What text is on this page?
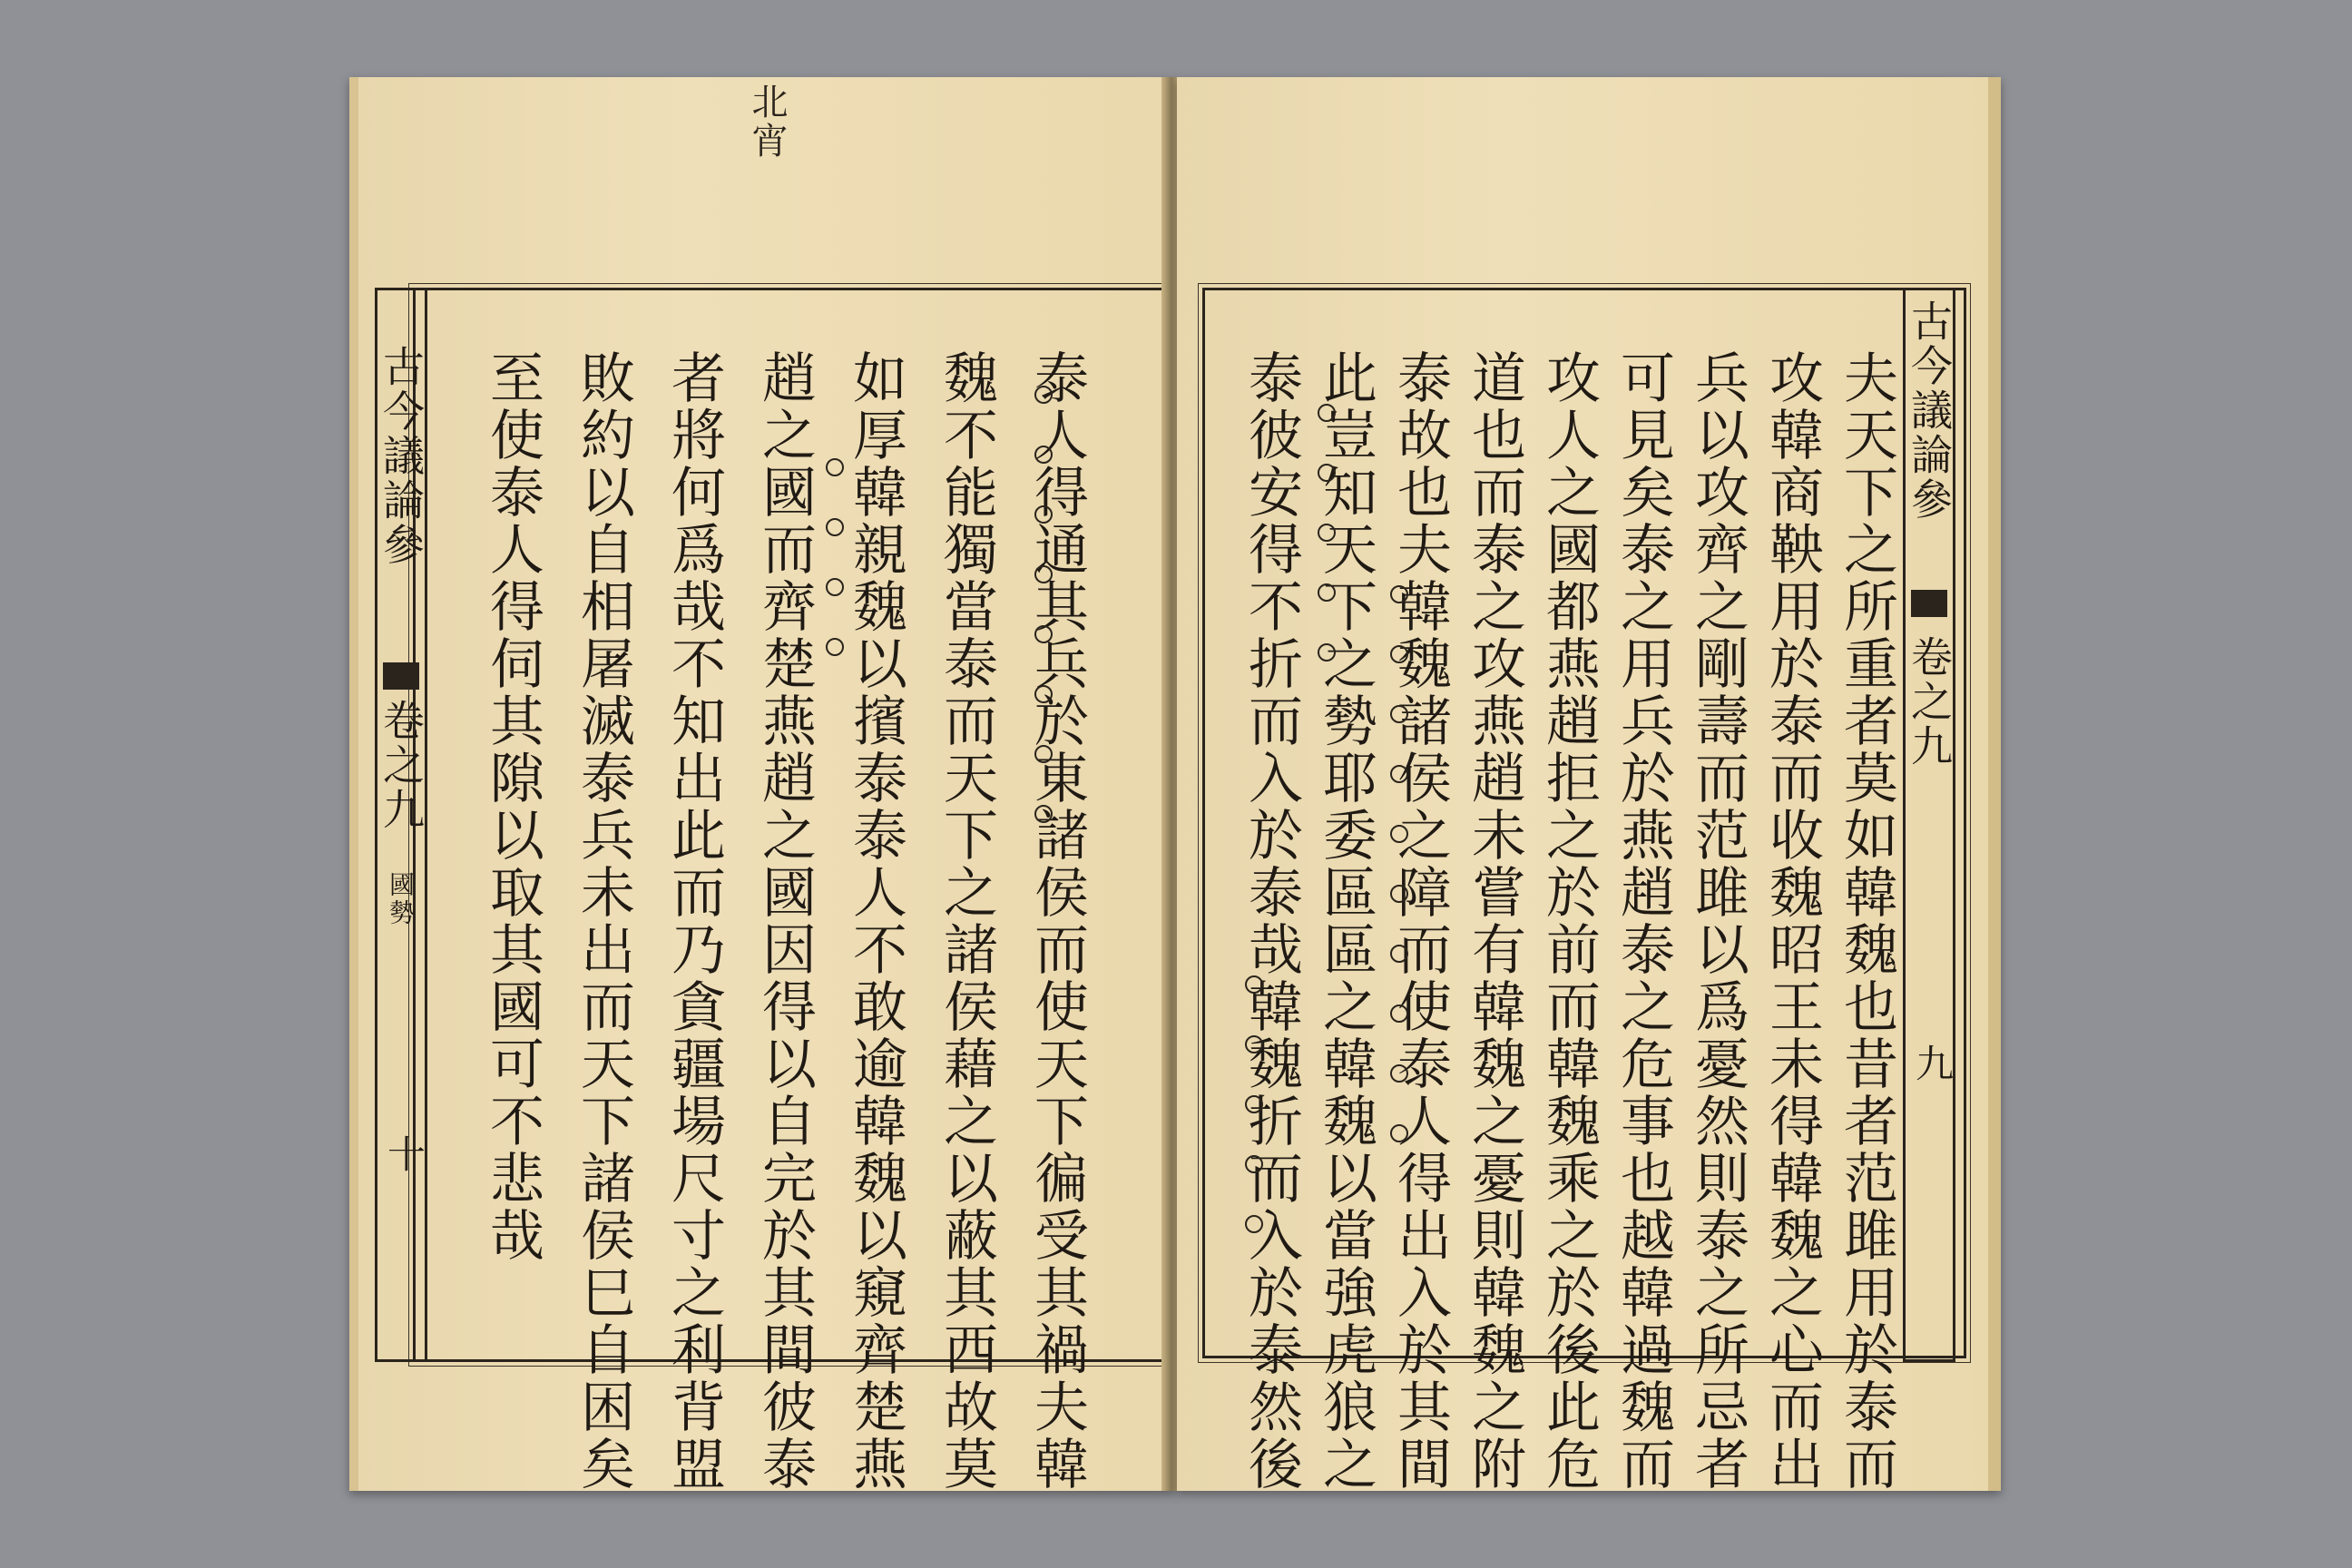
北宵
古今議論參
卷之九
國勢
十	泰人得通其兵於東諸侯而使天下徧受其禍夫韓
魏不能獨當泰而天下之諸侯藉之以蔽其西故莫
如厚韓親魏以擯泰泰人不敢逾韓魏以窺齊楚燕
趙之國而齊楚燕趙之國因得以自完於其間彼泰
者將何爲哉不知出此而乃貪疆場尺寸之利背盟
敗約以自相屠滅泰兵未出而天下諸侯巳自困矣
至使泰人得伺其隙以取其國可不悲哉	古今議論參
卷之九
九
夫天下之所重者莫如韓魏也昔者范雎用於泰而
攻韓商鞅用於泰而收魏昭王未得韓魏之心而出
兵以攻齊之剛壽而范雎以爲憂然則泰之所忌者
可見矣泰之用兵於燕趙泰之危事也越韓過魏而
攻人之國都燕趙拒之於前而韓魏乘之於後此危
道也而泰之攻燕趙未嘗有韓魏之憂則韓魏之附
泰故也夫韓魏諸侯之障而使泰人得出入於其間
此豈知天下之勢耶委區區之韓魏以當強虎狼之
泰彼安得不折而入於泰哉韓魏折而入於泰然後
